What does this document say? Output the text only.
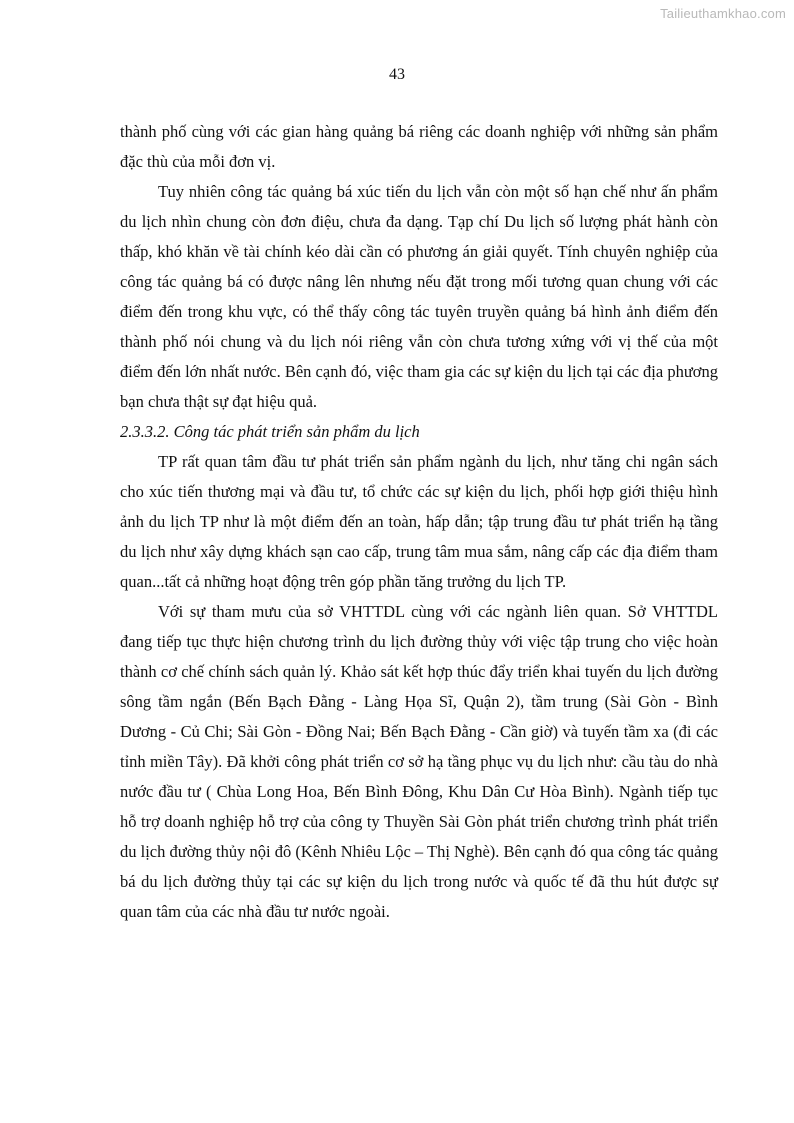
Tailieuthamkhao.com
43

thành phố cùng với các gian hàng quảng bá riêng các doanh nghiệp với những sản phẩm đặc thù của mỗi đơn vị.

Tuy nhiên công tác quảng bá xúc tiến du lịch vẫn còn một số hạn chế như ấn phẩm du lịch nhìn chung còn đơn điệu, chưa đa dạng. Tạp chí Du lịch số lượng phát hành còn thấp, khó khăn về tài chính kéo dài cần có phương án giải quyết. Tính chuyên nghiệp của công tác quảng bá có được nâng lên nhưng nếu đặt trong mối tương quan chung với các điểm đến trong khu vực, có thể thấy công tác tuyên truyền quảng bá hình ảnh điểm đến thành phố nói chung và du lịch nói riêng vẫn còn chưa tương xứng với vị thế của một điểm đến lớn nhất nước. Bên cạnh đó, việc tham gia các sự kiện du lịch tại các địa phương bạn chưa thật sự đạt hiệu quả.

2.3.3.2. Công tác phát triển sản phẩm du lịch

TP rất quan tâm đầu tư phát triển sản phẩm ngành du lịch, như tăng chi ngân sách cho xúc tiến thương mại và đầu tư, tổ chức các sự kiện du lịch, phối hợp giới thiệu hình ảnh du lịch TP như là một điểm đến an toàn, hấp dẫn; tập trung đầu tư phát triển hạ tầng du lịch như xây dựng khách sạn cao cấp, trung tâm mua sắm, nâng cấp các địa điểm tham quan...tất cả những hoạt động trên góp phần tăng trưởng du lịch TP.

Với sự tham mưu của sở VHTTDL cùng với các ngành liên quan. Sở VHTTDL đang tiếp tục thực hiện chương trình du lịch đường thủy với việc tập trung cho việc hoàn thành cơ chế chính sách quản lý. Khảo sát kết hợp thúc đẩy triển khai tuyến du lịch đường sông tầm ngắn (Bến Bạch Đằng - Làng Họa Sĩ, Quận 2), tầm trung (Sài Gòn - Bình Dương - Củ Chi; Sài Gòn - Đồng Nai; Bến Bạch Đằng - Cần giờ) và tuyến tầm xa (đi các tỉnh miền Tây). Đã khởi công phát triển cơ sở hạ tầng phục vụ du lịch như: cầu tàu do nhà nước đầu tư ( Chùa Long Hoa, Bến Bình Đông, Khu Dân Cư Hòa Bình). Ngành tiếp tục hỗ trợ doanh nghiệp hỗ trợ của công ty Thuyền Sài Gòn phát triển chương trình phát triển du lịch đường thủy nội đô (Kênh Nhiêu Lộc – Thị Nghè). Bên cạnh đó qua công tác quảng bá du lịch đường thủy tại các sự kiện du lịch trong nước và quốc tế đã thu hút được sự quan tâm của các nhà đầu tư nước ngoài.
